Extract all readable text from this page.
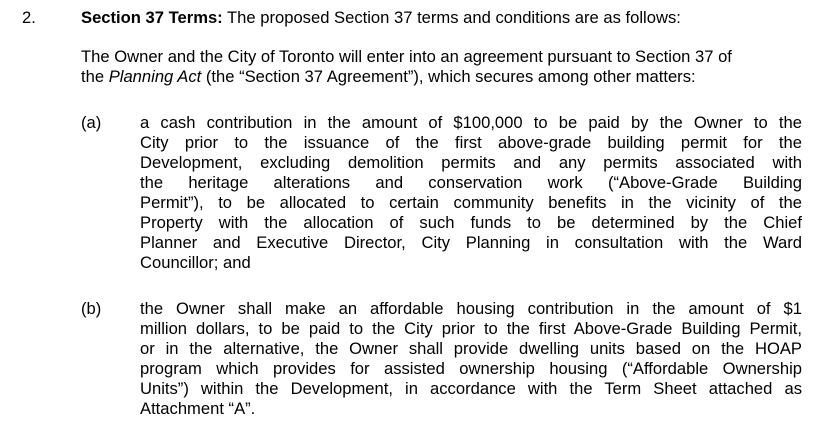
2.	Section 37 Terms: The proposed Section 37 terms and conditions are as follows:
The Owner and the City of Toronto will enter into an agreement pursuant to Section 37 of
the Planning Act (the “Section 37 Agreement”), which secures among other matters:
(a) a cash contribution in the amount of $100,000 to be paid by the Owner to the
City prior to the issuance of the first above-grade building permit for the
Development, excluding demolition permits and any permits associated with
the heritage alterations and conservation work (“Above-Grade Building
Permit”), to be allocated to certain community benefits in the vicinity of the
Property with the allocation of such funds to be determined by the Chief
Planner and Executive Director, City Planning in consultation with the Ward
Councillor; and
(b) the Owner shall make an affordable housing contribution in the amount of $1
million dollars, to be paid to the City prior to the first Above-Grade Building Permit,
or in the alternative, the Owner shall provide dwelling units based on the HOAP
program which provides for assisted ownership housing (“Affordable Ownership
Units”) within the Development, in accordance with the Term Sheet attached as
Attachment “A”.
